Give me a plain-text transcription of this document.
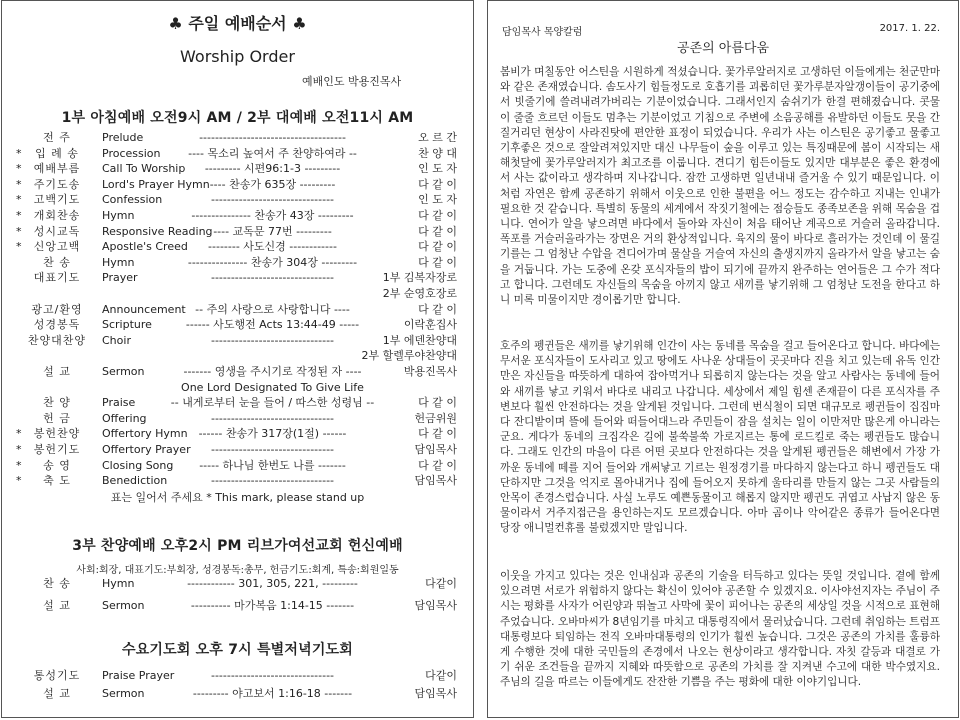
♣ 주일 예배순서 ♣
Worship Order
예배인도 박용진목사
1부 아침예배 오전9시 AM / 2부 대예배 오전11시 AM
전 주	Prelude	-------------------------------------	오 르 간
*	입 례 송	Procession	---- 목소리 높여서 주 찬양하여라 --	찬 양 대
*	예배부름	Call To Worship	--------- 시편96:1-3 ---------	인 도 자
*	주기도송	Lord's Prayer Hymn ---- 찬송가 635장 ---------	다 같 이
*	고백기도	Confession	-------------------------------	인 도 자
*	개회찬송	Hymn	--------------- 찬송가 43장 ---------	다 같 이
*	성시교독	Responsive Reading ---- 교독문 77번 ---------	다 같 이
*	신앙고백	Apostle's Creed	-------- 사도신경 ------------	다 같 이
찬 송	Hymn	--------------- 찬송가 304장 ---------	다 같 이
대표기도	Prayer	-------------------------------	1부 김복자장로
2부 순영호장로
광고/환영	Announcement -- 주의 사랑으로 사랑합니다 ----	다 같 이
성경봉독	Scripture	------ 사도행전 Acts 13:44-49 -----	이락훈집사
찬양대찬양 Choir	-------------------------------	1부 에덴찬양대
2부 할렐루야찬양대
설 교	Sermon	------- 영생을 주시기로 작정된 자 ----	박용진목사
One Lord Designated To Give Life
찬 양	Praise	-- 내게로부터 눈을 들어 / 따스한 성령님 --	다 같 이
헌 금	Offering	-------------------------------	헌금위원
*	봉헌찬양	Offertory Hymn	------ 찬송가 317장(1절) ------	다 같 이
*	봉헌기도	Offertory Prayer	-------------------------------	담임목사
*	송 영	Closing Song	----- 하나님 한번도 나를 -------	다 같 이
*	축 도	Benediction	-------------------------------	담임목사
표는 일어서 주세요 * This mark, please stand up
3부 찬양예배 오후2시 PM 리브가여선교회 헌신예배
사회:회장, 대표기도:부회장, 성경봉독:총무, 헌금기도:회계, 특송:회원일동
찬 송	Hymn	------------ 301, 305, 221, ---------	다같이
설 교	Sermon	---------- 마가복음 1:14-15 -------	담임목사
수요기도회 오후 7시 특별저녁기도회
통성기도	Praise Prayer	-------------------------------	다같이
설 교	Sermon	--------- 야고보서 1:16-18 -------	담임목사
담임목사 목양칼럼	2017. 1. 22.
공존의 아름다움

봄비가 며칠동안 어스틴을 시원하게 적셨습니다. 꽃가루알러지로 고생하던 이들에게는 천군만마와 같은 존재였습니다. 솜도사기 힘들정도로 호흡기를 괴롭히던 꽃가루분자알갱이들이 공기중에서 빗줄기에 쓸려내려가버리는 기분이었습니다. 그래서인지 숨쉬기가 한결 편해졌습니다. 콧물이 줄줄 흐르던 이들도 멈추는 기분이었고 기침으로 주변에 소음공해를 유발하던 이들도 못을 간질거리던 현상이 사라진탓에 편안한 표정이 되었습니다. 우리가 사는 이스틴은 공기좋고 물좋고 기후좋은 것으로 잘알려져있지만 대신 나무들이 숲을 이루고 있는 특징때문에 봄이 시작되는 새해첫달에 꽃가루알러지가 최고조를 이룹니다. 견디기 힘든이들도 있지만 대부분은 좋은 환경에서 사는 값이라고 생각하며 지나갑니다. 잠깐 고생하면 일년내내 즐거울 수 있기 때문입니다. 이처럼 자연은 함께 공존하기 위해서 이웃으로 인한 불편을 어느 정도는 감수하고 지내는 인내가 필요한 것 같습니다. 특별히 동물의 세계에서 작짓기철에는 점승들도 종족보존을 위해 목숨을 겁니다. 연어가 알을 낳으려면 바다에서 돌아와 자신이 처음 태어난 계곡으로 거슬러 올라갑니다. 폭포를 거슬러올라가는 장면은 거의 환상적입니다. 육지의 물이 바다로 흘러가는 것인데 이 물길기를는 그 엄청난 수압을 견디어가며 물살을 거슬여 자신의 출생지까지 올라가서 알을 낳고는 숨을 거둡니다. 가는 도중에 온갖 포식자들의 밥이 되기에 끝까지 완주하는 연어들은 그 수가 적다고 합니다. 그런데도 자신들의 목숨을 아끼지 않고 새끼를 낳기위해 그 엄청난 도전을 한다고 하니 미록 미물이지만 경이롭기만 합니다.

호주의 펭귄들은 새끼를 낳기위해 인간이 사는 동네를 목숨을 걸고 들어온다고 합니다. 바다에는 무서운 포식자들이 도사리고 있고 땅에도 사나운 상대들이 곳곳마다 진을 치고 있는데 유독 인간만은 자신들을 따뜻하게 대하여 잡아먹거나 되롭히지 않는다는 것을 알고 사람사는 동네에 들어와 새끼를 낳고 키워서 바다로 내리고 나갑니다. 세상에서 제일 힘센 존재끝이 다른 포식자를 주변보다 훨씬 안전하다는 것을 알게된 것입니다. 그런데 번식철이 되면 대규모로 펭귄들이 집집마다 잔디밭이며 뜰에 들어와 떠들어대느라 주민들이 잠을 설치는 일이 이만저만 많은게 아니라는군요. 게다가 동네의 크집각은 길에 불쑥불쑥 가로지르는 통에 로드킬로 죽는 펭귄들도 많습니다. 그래도 인간의 마을이 다른 어떤 곳보다 안전하다는 것을 알게된 펭귄들은 해변에서 가장 가까운 동네에 떼를 지어 들어와 개써낳고 기르는 원정경기를 마다하지 않는다고 하니 펭귄들도 대단하지만 그것을 억지로 몰아내거나 집에 들어오지 못하게 울타리를 만들지 않는 그곳 사람들의 안목이 존경스럽습니다. 사실 노루도 예쁜동물이고 해롭지 않지만 펭귄도 귀엽고 사납지 않은 동물이라서 거주지접근을 용인하는지도 모르겠습니다. 아마 곰이나 악어같은 종류가 들어온다면 당장 애니멀컨휴롤 불렀겠지만 말입니다.

이웃을 가지고 있다는 것은 인내심과 공존의 기술을 터득하고 있다는 뜻일 것입니다. 곁에 함께 있으려면 서로가 위험하지 않다는 확신이 있어야 공존할 수 있겠지요. 이사야선지자는 주님이 주시는 평화를 사자가 어린양과 뛰놀고 사막에 꽃이 피어나는 공존의 세상일 것을 시적으로 표현해 주었습니다. 오바마씨가 8년임기를 마치고 대통령직에서 물러났습니다. 그런데 취임하는 트럼프대통령보다 퇴임하는 전직 오바마대통령의 인기가 훨씬 높습니다. 그것은 공존의 가치를 훌륭하게 수행한 것에 대한 국민들의 존경에서 나오는 현상이라고 생각합니다. 자칫 갈등과 대결로 가기 쉬운 조건들을 끝까지 지혜와 따뜻함으로 공존의 가치를 잘 지켜낸 수고에 대한 박수였지요. 주님의 길을 따르는 이들에게도 잔잔한 기쁨을 주는 평화에 대한 이야기입니다.
